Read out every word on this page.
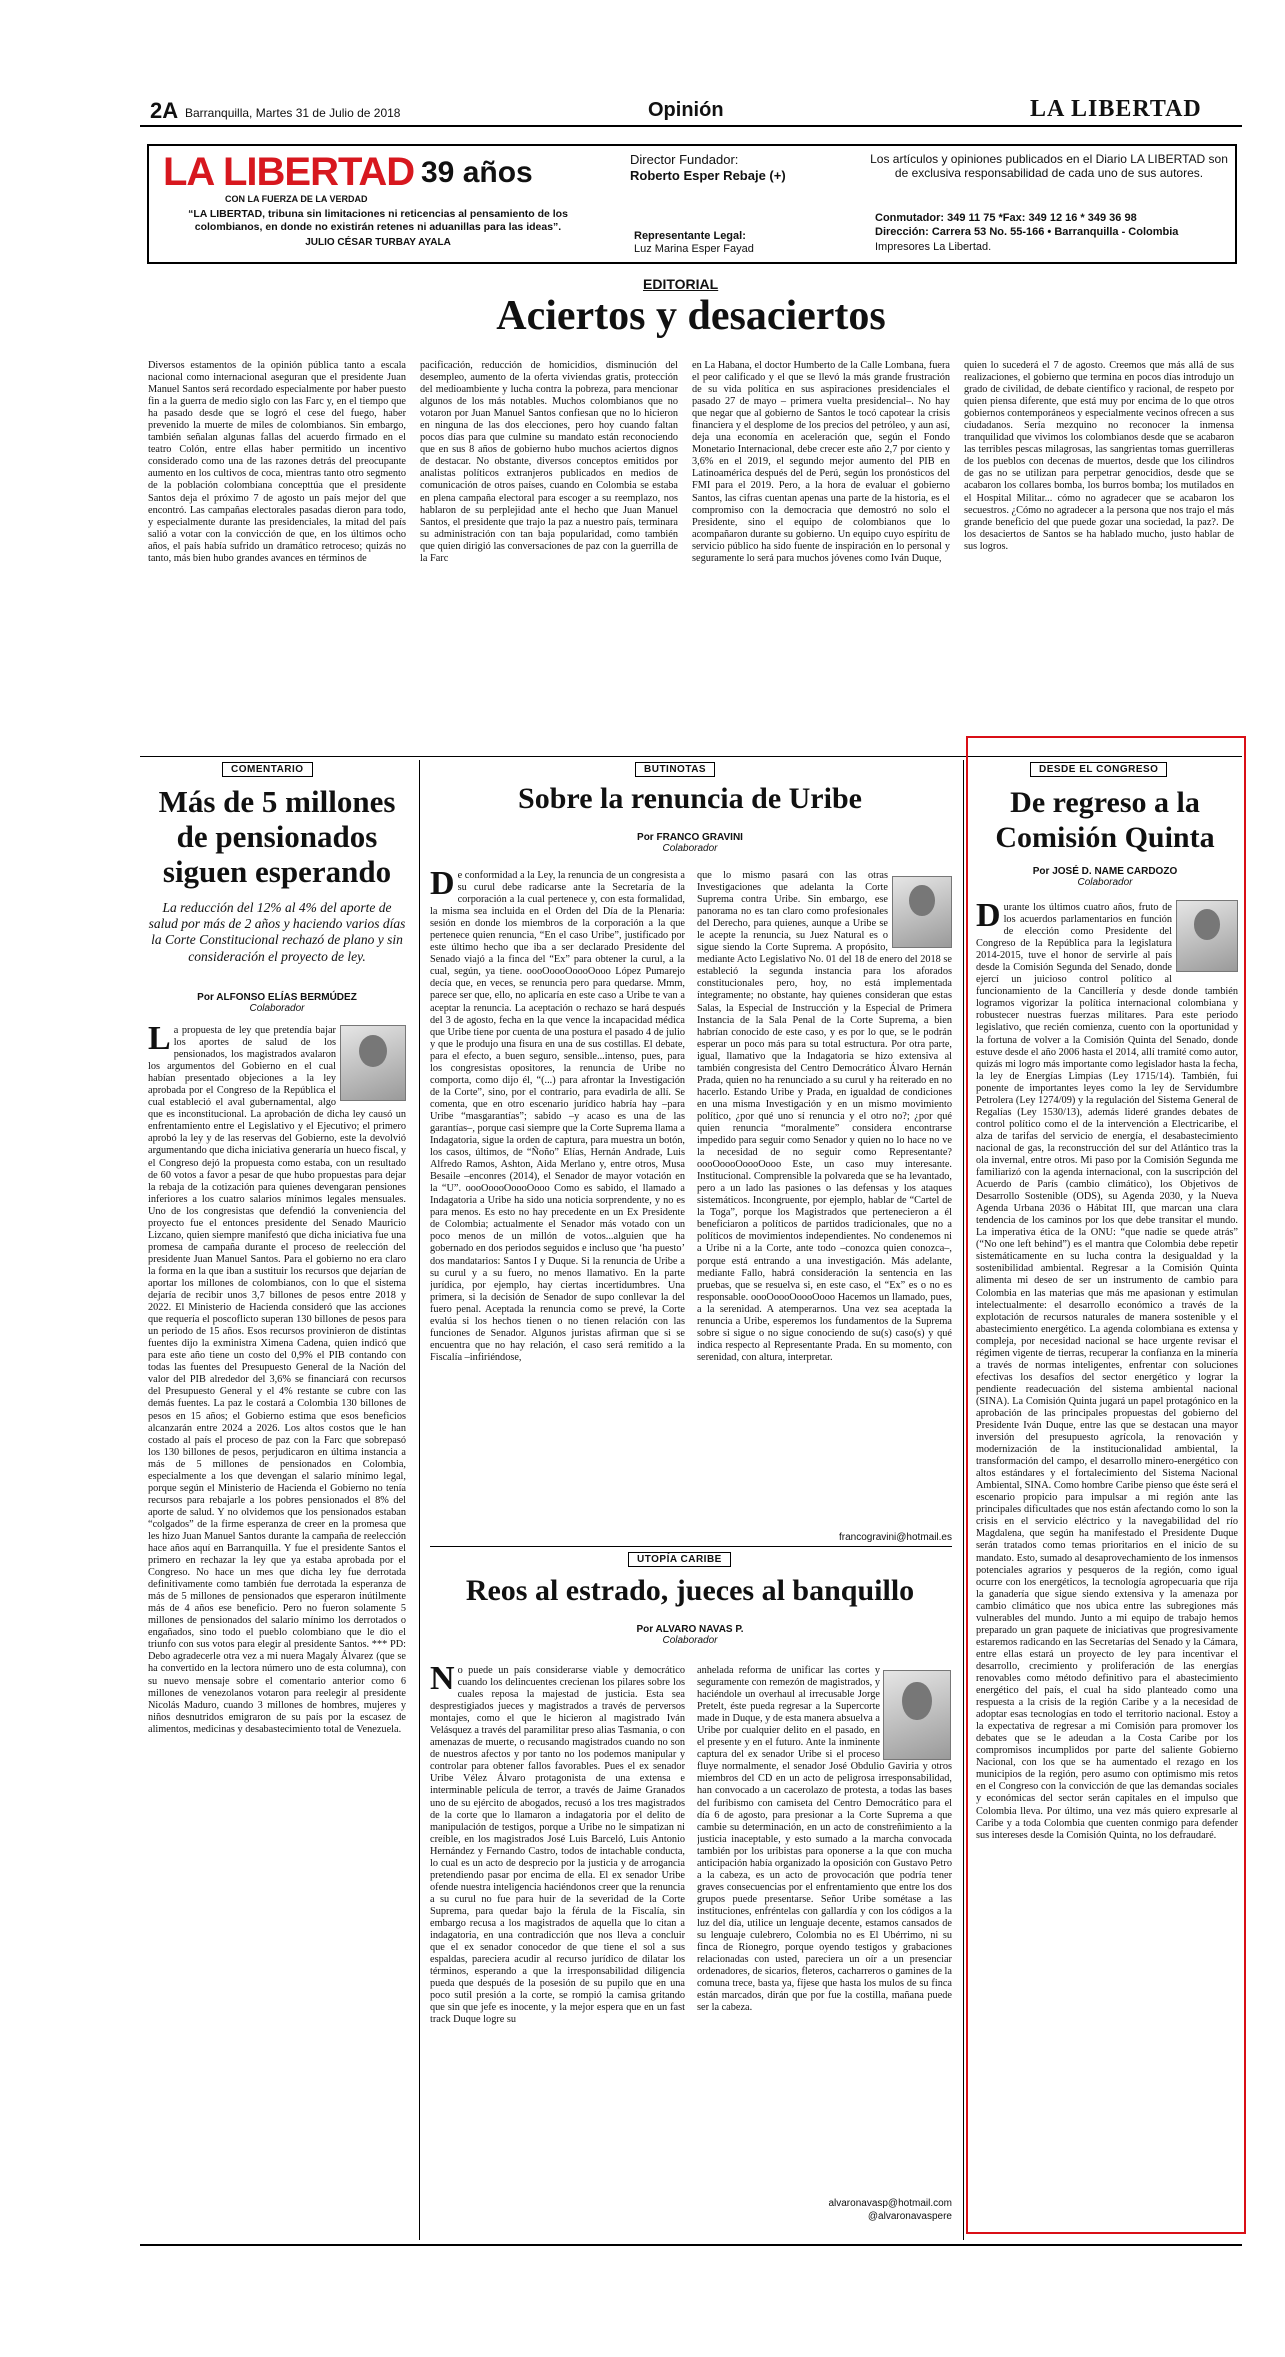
2A Barranquilla, Martes 31 de Julio de 2018	Opinión	LA LIBERTAD
LA LIBERTAD 39 años
CON LA FUERZA DE LA VERDAD
“LA LIBERTAD, tribuna sin limitaciones ni reticencias al pensamiento de los colombianos, en donde no existirán retenes ni aduanillas para las ideas”.
JULIO CÉSAR TURBAY AYALA
Director Fundador:
Roberto Esper Rebaje (+)
Representante Legal:
Luz Marina Esper Fayad
Los artículos y opiniones publicados en el Diario LA LIBERTAD son de exclusiva responsabilidad de cada uno de sus autores.
Conmutador: 349 11 75 *Fax: 349 12 16 * 349 36 98
Dirección: Carrera 53 No. 55-166 • Barranquilla - Colombia
Impresores La Libertad.
EDITORIAL
Aciertos y desaciertos
Diversos estamentos de la opinión pública tanto a escala nacional como internacional aseguran que el presidente Juan Manuel Santos será recordado especialmente por haber puesto fin a la guerra de medio siglo con las Farc y, en el tiempo que ha pasado desde que se logró el cese del fuego, haber prevenido la muerte de miles de colombianos. Sin embargo, también señalan algunas fallas del acuerdo firmado en el teatro Colón, entre ellas haber permitido un incentivo considerado como una de las razones detrás del preocupante aumento en los cultivos de coca, mientras tanto otro segmento de la población colombiana concepttúa que el presidente Santos deja el próximo 7 de agosto un país mejor del que encontró. Las campañas electorales pasadas dieron para todo, y especialmente durante las presidenciales, la mitad del país salió a votar con la convicción de que, en los últimos ocho años, el país había sufrido un dramático retroceso; quizás no tanto, más bien hubo grandes avances en términos de
pacificación, reducción de homicidios, disminución del desempleo, aumento de la oferta viviendas gratis, protección del medioambiente y lucha contra la pobreza, para mencionar algunos de los más notables. Muchos colombianos que no votaron por Juan Manuel Santos confiesan que no lo hicieron en ninguna de las dos elecciones, pero hoy cuando faltan pocos días para que culmine su mandato están reconociendo que en sus 8 años de gobierno hubo muchos aciertos dignos de destacar. No obstante, diversos conceptos emitidos por analistas políticos extranjeros publicados en medios de comunicación de otros países, cuando en Colombia se estaba en plena campaña electoral para escoger a su reemplazo, nos hablaron de su perplejidad ante el hecho que Juan Manuel Santos, el presidente que trajo la paz a nuestro país, terminara su administración con tan baja popularidad, como también que quien dirigió las conversaciones de paz con la guerrilla de la Farc
en La Habana, el doctor Humberto de la Calle Lombana, fuera el peor calificado y el que se llevó la más grande frustración de su vida política en sus aspiraciones presidenciales el pasado 27 de mayo – primera vuelta presidencial–. No hay que negar que al gobierno de Santos le tocó capotear la crisis financiera y el desplome de los precios del petróleo, y aun así, deja una economía en aceleración que, según el Fondo Monetario Internacional, debe crecer este año 2,7 por ciento y 3,6% en el 2019, el segundo mejor aumento del PIB en Latinoamérica después del de Perú, según los pronósticos del FMI para el 2019. Pero, a la hora de evaluar el gobierno Santos, las cifras cuentan apenas una parte de la historia, es el compromiso con la democracia que demostró no solo el Presidente, sino el equipo de colombianos que lo acompañaron durante su gobierno. Un equipo cuyo espíritu de servicio público ha sido fuente de inspiración en lo personal y seguramente lo será para muchos jóvenes como Iván Duque,
quien lo sucederá el 7 de agosto. Creemos que más allá de sus realizaciones, el gobierno que termina en pocos días introdujo un grado de civilidad, de debate científico y racional, de respeto por quien piensa diferente, que está muy por encima de lo que otros gobiernos contemporáneos y especialmente vecinos ofrecen a sus ciudadanos. Sería mezquino no reconocer la inmensa tranquilidad que vivimos los colombianos desde que se acabaron las terribles pescas milagrosas, las sangrientas tomas guerrilleras de los pueblos con decenas de muertos, desde que los cilindros de gas no se utilizan para perpetrar genocidios, desde que se acabaron los collares bomba, los burros bomba; los mutilados en el Hospital Militar... cómo no agradecer que se acabaron los secuestros. ¿Cómo no agradecer a la persona que nos trajo el más grande beneficio del que puede gozar una sociedad, la paz?. De los desaciertos de Santos se ha hablado mucho, justo hablar de sus logros.
COMENTARIO
Más de 5 millones de pensionados siguen esperando
La reducción del 12% al 4% del aporte de salud por más de 2 años y haciendo varios días la Corte Constitucional rechazó de plano y sin consideración el proyecto de ley.
Por ALFONSO ELÍAS BERMÚDEZ
Colaborador
La propuesta de ley que pretendía bajar los aportes de salud de los pensionados, los magistrados avalaron los argumentos del Gobierno en el cual habían presentado objeciones a la ley aprobada por el Congreso de la República el cual estableció el aval gubernamental, algo que es inconstitucional. La aprobación de dicha ley causó un enfrentamiento entre el Legislativo y el Ejecutivo; el primero aprobó la ley y de las reservas del Gobierno, este la devolvió argumentando que dicha iniciativa generaría un hueco fiscal, y el Congreso dejó la propuesta como estaba, con un resultado de 60 votos a favor a pesar de que hubo propuestas para dejar la rebaja de la cotización para quienes devengaran pensiones inferiores a los cuatro salarios mínimos legales mensuales. Uno de los congresistas que defendió la conveniencia del proyecto fue el entonces presidente del Senado Mauricio Lizcano, quien siempre manifestó que dicha iniciativa fue una promesa de campaña durante el proceso de reelección del presidente Juan Manuel Santos. Para el gobierno no era claro la forma en la que iban a sustituir los recursos que dejarían de aportar los millones de colombianos, con lo que el sistema dejaría de recibir unos 3,7 billones de pesos entre 2018 y 2022. El Ministerio de Hacienda consideró que las acciones que requería el poscoflicto superan 130 billones de pesos para un periodo de 15 años. Esos recursos provinieron de distintas fuentes dijo la exministra Ximena Cadena, quien indicó que para este año tiene un costo del 0,9% el PIB contando con todas las fuentes del Presupuesto General de la Nación del valor del PIB alrededor del 3,6% se financiará con recursos del Presupuesto General y el 4% restante se cubre con las demás fuentes. La paz le costará a Colombia 130 billones de pesos en 15 años; el Gobierno estima que esos beneficios alcanzarán entre 2024 a 2026. Los altos costos que le han costado al país el proceso de paz con la Farc que sobrepasó los 130 billones de pesos, perjudicaron en última instancia a más de 5 millones de pensionados en Colombia, especialmente a los que devengan el salario mínimo legal, porque según el Ministerio de Hacienda el Gobierno no tenía recursos para rebajarle a los pobres pensionados el 8% del aporte de salud. Y no olvidemos que los pensionados estaban “colgados” de la firme esperanza de creer en la promesa que les hizo Juan Manuel Santos durante la campaña de reelección hace años aquí en Barranquilla. Y fue el presidente Santos el primero en rechazar la ley que ya estaba aprobada por el Congreso. No hace un mes que dicha ley fue derrotada definitivamente como también fue derrotada la esperanza de más de 5 millones de pensionados que esperaron inútilmente más de 4 años ese beneficio. Pero no fueron solamente 5 millones de pensionados del salario mínimo los derrotados o engañados, sino todo el pueblo colombiano que le dio el triunfo con sus votos para elegir al presidente Santos. *** PD: Debo agradecerle otra vez a mi nuera Magaly Álvarez (que se ha convertido en la lectora número uno de esta columna), con su nuevo mensaje sobre el comentario anterior como 6 millones de venezolanos votaron para reelegir al presidente Nicolás Maduro, cuando 3 millones de hombres, mujeres y niños desnutridos emigraron de su país por la escasez de alimentos, medicinas y desabastecimiento total de Venezuela.
BUTINOTAS
Sobre la renuncia de Uribe
Por FRANCO GRAVINI
Colaborador
De conformidad a la Ley, la renuncia de un congresista a su curul debe radicarse ante la Secretaría de la corporación a la cual pertenece y, con esta formalidad, la misma sea incluida en el Orden del Día de la Plenaria: sesión en donde los miembros de la corporación a la que pertenece quien renuncia, “En el caso Uribe”, justificado por este último hecho que iba a ser declarado Presidente del Senado viajó a la finca del “Ex” para obtener la curul, a la cual, según, ya tiene. oooOoooOoooOooo López Pumarejo decía que, en veces, se renuncia pero para quedarse. Mmm, parece ser que, ello, no aplicaría en este caso a Uribe te van a aceptar la renuncia. La aceptación o rechazo se hará después del 3 de agosto, fecha en la que vence la incapacidad médica que Uribe tiene por cuenta de una postura el pasado 4 de julio y que le produjo una fisura en una de sus costillas. El debate, para el efecto, a buen seguro, sensible...intenso, pues, para los congresistas opositores, la renuncia de Uribe no comporta, como dijo él, “(...) para afrontar la Investigación de la Corte”, sino, por el contrario, para evadirla de allí. Se comenta, que en otro escenario jurídico habría hay –para Uribe “masgarantías”; sabido –y acaso es una de las garantías–, porque casi siempre que la Corte Suprema llama a Indagatoria, sigue la orden de captura, para muestra un botón, los casos, últimos, de “Ñoño” Elías, Hernán Andrade, Luis Alfredo Ramos, Ashton, Aida Merlano y, entre otros, Musa Besaile –enconres (2014), el Senador de mayor votación en la “U”. oooOoooOoooOooo Como es sabido, el llamado a Indagatoria a Uribe ha sido una noticia sorprendente, y no es para menos. Es esto no hay precedente en un Ex Presidente de Colombia; actualmente el Senador más votado con un poco menos de un millón de votos...alguien que ha gobernado en dos periodos seguidos e incluso que ‘ha puesto’ dos mandatarios: Santos I y Duque. Si la renuncia de Uribe a su curul y a su fuero, no menos llamativo. En la parte jurídica, por ejemplo, hay ciertas incertidumbres. Una primera, si la decisión de Senador de supo conllevar la del fuero penal. Aceptada la renuncia como se prevé, la Corte evalúa si los hechos tienen o no tienen relación con las funciones de Senador. Algunos juristas afirman que si se encuentra que no hay relación, el caso será remitido a la Fiscalía –infiriéndose,
que lo mismo pasará con las otras Investigaciones que adelanta la Corte Suprema contra Uribe. Sin embargo, ese panorama no es tan claro como profesionales del Derecho, para quienes, aunque a Uribe se le acepte la renuncia, su Juez Natural es o sigue siendo la Corte Suprema. A propósito, mediante Acto Legislativo No. 01 del 18 de enero del 2018 se estableció la segunda instancia para los aforados constitucionales pero, hoy, no está implementada íntegramente; no obstante, hay quienes consideran que estas Salas, la Especial de Instrucción y la Especial de Primera Instancia de la Sala Penal de la Corte Suprema, a bien habrían conocido de este caso, y es por lo que, se le podrán esperar un poco más para su total estructura. Por otra parte, igual, llamativo que la Indagatoria se hizo extensiva al también congresista del Centro Democrático Álvaro Hernán Prada, quien no ha renunciado a su curul y ha reiterado en no hacerlo. Estando Uribe y Prada, en igualdad de condiciones en una misma Investigación y en un mismo movimiento político, ¿por qué uno sí renuncia y el otro no?; ¿por qué quien renuncia “moralmente” considera encontrarse impedido para seguir como Senador y quien no lo hace no ve la necesidad de no seguir como Representante? oooOoooOoooOooo Este, un caso muy interesante. Institucional. Comprensible la polvareda que se ha levantado, pero a un lado las pasiones o las defensas y los ataques sistemáticos. Incongruente, por ejemplo, hablar de “Cartel de la Toga”, porque los Magistrados que pertenecieron a él beneficiaron a políticos de partidos tradicionales, que no a políticos de movimientos independientes. No condenemos ni a Uribe ni a la Corte, ante todo –conozca quien conozca–, porque está entrando a una investigación. Más adelante, mediante Fallo, habrá consideración la sentencia en las pruebas, que se resuelva si, en este caso, el “Ex” es o no es responsable. oooOoooOoooOooo Hacemos un llamado, pues, a la serenidad. A atemperarnos. Una vez sea aceptada la renuncia a Uribe, esperemos los fundamentos de la Suprema sobre si sigue o no sigue conociendo de su(s) caso(s) y qué indica respecto al Representante Prada. En su momento, con serenidad, con altura, interpretar.
francogravini@hotmail.es
UTOPÍA CARIBE
Reos al estrado, jueces al banquillo
Por ALVARO NAVAS P.
Colaborador
No puede un país considerarse viable y democrático cuando los delincuentes crecienan los pilares sobre los cuales reposa la majestad de justicia. Esta sea desprestigiados jueces y magistrados a través de perversos montajes, como el que le hicieron al magistrado Iván Velásquez a través del paramilitar preso alias Tasmania, o con amenazas de muerte, o recusando magistrados cuando no son de nuestros afectos y por tanto no los podemos manipular y controlar para obtener fallos favorables. Pues el ex senador Uribe Vélez Álvaro protagonista de una extensa e interminable película de terror, a través de Jaime Granados uno de su ejército de abogados, recusó a los tres magistrados de la corte que lo llamaron a indagatoria por el delito de manipulación de testigos, porque a Uribe no le simpatizan ni creíble, en los magistrados José Luis Barceló, Luis Antonio Hernández y Fernando Castro, todos de intachable conducta, lo cual es un acto de desprecio por la justicia y de arrogancia pretendiendo pasar por encima de ella. El ex senador Uribe ofende nuestra inteligencia haciéndonos creer que la renuncia a su curul no fue para huir de la severidad de la Corte Suprema, para quedar bajo la férula de la Fiscalía, sin embargo recusa a los magistrados de aquella que lo citan a indagatoria, en una contradicción que nos lleva a concluir que el ex senador conocedor de que tiene el sol a sus espaldas, pareciera acudir al recurso jurídico de dilatar los términos, esperando a que la irresponsabilidad diligencia pueda que después de la posesión de su pupilo que en una poco sutil presión a la corte, se rompió la camisa gritando que sin que jefe es inocente, y la mejor espera que en un fast track Duque logre su
anhelada reforma de unificar las cortes y seguramente con remezón de magistrados, y haciéndole un overhaul al irrecusable Jorge Pretelt, éste pueda regresar a la Supercorte made in Duque, y de esta manera absuelva a Uribe por cualquier delito en el pasado, en el presente y en el futuro. Ante la inminente captura del ex senador Uribe si el proceso fluye normalmente, el senador José Obdulio Gaviria y otros miembros del CD en un acto de peligrosa irresponsabilidad, han convocado a un cacerolazo de protesta, a todas las bases del furibismo con camiseta del Centro Democrático para el día 6 de agosto, para presionar a la Corte Suprema a que cambie su determinación, en un acto de constreñimiento a la justicia inaceptable, y esto sumado a la marcha convocada también por los uribistas para oponerse a la que con mucha anticipación había organizado la oposición con Gustavo Petro a la cabeza, es un acto de provocación que podría tener graves consecuencias por el enfrentamiento que entre los dos grupos puede presentarse. Señor Uribe sométase a las instituciones, enfréntelas con gallardía y con los códigos a la luz del día, utilice un lenguaje decente, estamos cansados de su lenguaje culebrero, Colombia no es El Ubérrimo, ni su finca de Rionegro, porque oyendo testigos y grabaciones relacionadas con usted, pareciera un oír a un presenciar ordenadores, de sicarios, fleteros, cacharreros o gamines de la comuna trece, basta ya, fíjese que hasta los mulos de su finca están marcados, dirán que por fue la costilla, mañana puede ser la cabeza.
alvaronavasp@hotmail.com
@alvaronavaspere
DESDE EL CONGRESO
De regreso a la Comisión Quinta
Por JOSÉ D. NAME CARDOZO
Colaborador
Durante los últimos cuatro años, fruto de los acuerdos parlamentarios en función de elección como Presidente del Congreso de la República para la legislatura 2014-2015, tuve el honor de servirle al país desde la Comisión Segunda del Senado, donde ejercí un juicioso control político al funcionamiento de la Cancillería y desde donde también logramos vigorizar la política internacional colombiana y robustecer nuestras fuerzas militares. Para este periodo legislativo, que recién comienza, cuento con la oportunidad y la fortuna de volver a la Comisión Quinta del Senado, donde estuve desde el año 2006 hasta el 2014, allí tramité como autor, quizás mi logro más importante como legislador hasta la fecha, la ley de Energías Limpias (Ley 1715/14). También, fui ponente de importantes leyes como la ley de Servidumbre Petrolera (Ley 1274/09) y la regulación del Sistema General de Regalías (Ley 1530/13), además lideré grandes debates de control político como el de la intervención a Electricaribe, el alza de tarifas del servicio de energía, el desabastecimiento nacional de gas, la reconstrucción del sur del Atlántico tras la ola invernal, entre otros. Mi paso por la Comisión Segunda me familiarizó con la agenda internacional, con la suscripción del Acuerdo de París (cambio climático), los Objetivos de Desarrollo Sostenible (ODS), su Agenda 2030, y la Nueva Agenda Urbana 2036 o Hábitat III, que marcan una clara tendencia de los caminos por los que debe transitar el mundo. La imperativa ética de la ONU: “que nadie se quede atrás” (“No one left behind”) es el mantra que Colombia debe repetir sistemáticamente en su lucha contra la desigualdad y la sostenibilidad ambiental. Regresar a la Comisión Quinta alimenta mi deseo de ser un instrumento de cambio para Colombia en las materias que más me apasionan y estimulan intelectualmente: el desarrollo económico a través de la explotación de recursos naturales de manera sostenible y el abastecimiento energético. La agenda colombiana es extensa y compleja, por necesidad nacional se hace urgente revisar el régimen vigente de tierras, recuperar la confianza en la minería a través de normas inteligentes, enfrentar con soluciones efectivas los desafíos del sector energético y lograr la pendiente readecuación del sistema ambiental nacional (SINA). La Comisión Quinta jugará un papel protagónico en la aprobación de las principales propuestas del gobierno del Presidente Iván Duque, entre las que se destacan una mayor inversión del presupuesto agrícola, la renovación y modernización de la institucionalidad ambiental, la transformación del campo, el desarrollo minero-energético con altos estándares y el fortalecimiento del Sistema Nacional Ambiental, SINA. Como hombre Caribe pienso que éste será el escenario propicio para impulsar a mi región ante las principales dificultades que nos están afectando como lo son la crisis en el servicio eléctrico y la navegabilidad del río Magdalena, que según ha manifestado el Presidente Duque serán tratados como temas prioritarios en el inicio de su mandato. Esto, sumado al desaprovechamiento de los inmensos potenciales agrarios y pesqueros de la región, como igual ocurre con los energéticos, la tecnología agropecuaria que rija la ganadería que sigue siendo extensiva y la amenaza por cambio climático que nos ubica entre las subregiones más vulnerables del mundo. Junto a mi equipo de trabajo hemos preparado un gran paquete de iniciativas que progresivamente estaremos radicando en las Secretarías del Senado y la Cámara, entre ellas estará un proyecto de ley para incentivar el desarrollo, crecimiento y proliferación de las energías renovables como método definitivo para el abastecimiento energético del país, el cual ha sido planteado como una respuesta a la crisis de la región Caribe y a la necesidad de adoptar esas tecnologías en todo el territorio nacional. Estoy a la expectativa de regresar a mi Comisión para promover los debates que se le adeudan a la Costa Caribe por los compromisos incumplidos por parte del saliente Gobierno Nacional, con los que se ha aumentado el rezago en los municipios de la región, pero asumo con optimismo mis retos en el Congreso con la convicción de que las demandas sociales y económicas del sector serán capitales en el impulso que Colombia lleva. Por último, una vez más quiero expresarle al Caribe y a toda Colombia que cuenten conmigo para defender sus intereses desde la Comisión Quinta, no los defraudaré.
